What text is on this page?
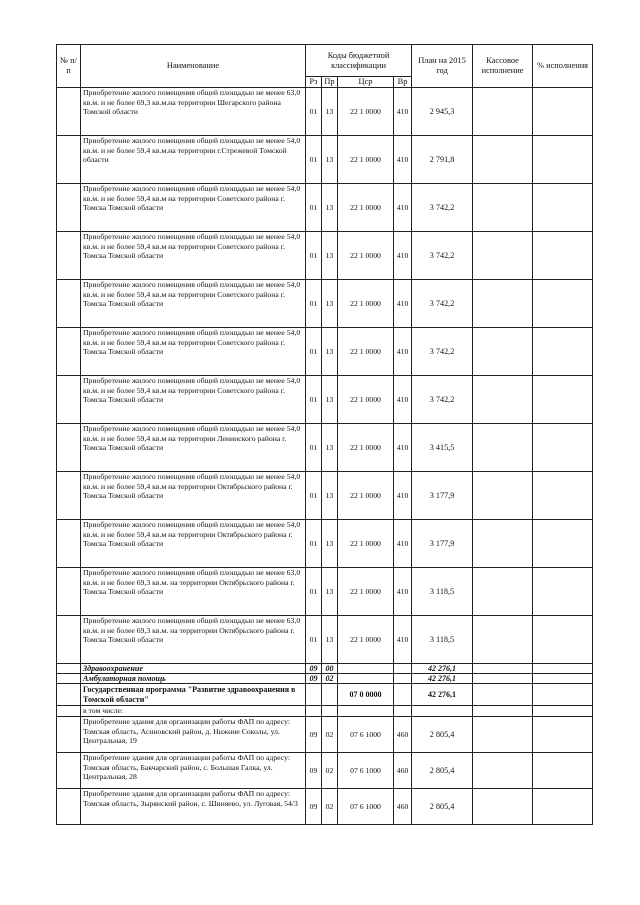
№ п/п	Наименование	Коды бюджетной классификации				План на 2015 год	Кассовое исполнение	% исполнения
		Рз	Пр	Цср	Вр			
	Приобретение жилого помещения общей площадью не менее 63,0 кв.м. и не более 69,3 кв.м.на территории Шегарского района Томской области	01	13	22 1 0000	410	2 945,3		
	Приобретение жилого помещения общей площадью не менее 54,0 кв.м. и не более 59,4 кв.м.на территории г.Стрежевой Томской области	01	13	22 1 0000	410	2 791,8		
	Приобретение жилого помещения общей площадью не менее 54,0 кв.м. и не более 59,4 кв.м на территории Советского района г. Томска Томской области	01	13	22 1 0000	410	3 742,2		
	Приобретение жилого помещения общей площадью не менее 54,0 кв.м. и не более 59,4 кв.м на территории Советского района г. Томска Томской области	01	13	22 1 0000	410	3 742,2		
	Приобретение жилого помещения общей площадью не менее 54,0 кв.м. и не более 59,4 кв.м на территории Советского района г. Томска Томской области	01	13	22 1 0000	410	3 742,2		
	Приобретение жилого помещения общей площадью не менее 54,0 кв.м. и не более 59,4 кв.м на территории Советского района г. Томска Томской области	01	13	22 1 0000	410	3 742,2		
	Приобретение жилого помещения общей площадью не менее 54,0 кв.м. и не более 59,4 кв.м на территории Советского района г. Томска Томской области	01	13	22 1 0000	410	3 742,2		
	Приобретение жилого помещения общей площадью не менее 54,0 кв.м. и не более 59,4 кв.м на территории Ленинского района г. Томска Томской области	01	13	22 1 0000	410	3 415,5		
	Приобретение жилого помещения общей площадью не менее 54,0 кв.м. и не более 59,4 кв.м на территории Октябрьского района г. Томска Томской области	01	13	22 1 0000	410	3 177,9		
	Приобретение жилого помещения общей площадью не менее 54,0 кв.м. и не более 59,4 кв.м на территории Октябрьского района г. Томска Томской области	01	13	22 1 0000	410	3 177,9		
	Приобретение жилого помещения общей площадью не менее 63,0 кв.м. и не более 69,3 кв.м. на территории Октябрьского района г. Томска Томской области	01	13	22 1 0000	410	3 118,5		
	Приобретение жилого помещения общей площадью не менее 63,0 кв.м. и не более 69,3 кв.м. на территории Октябрьского района г. Томска Томской области	01	13	22 1 0000	410	3 118,5		
	Здравоохранение	09	00			42 276,1		
	Амбулаторная помощь	09	02			42 276,1		
	Государственная программа "Развитие здравоохранения в Томской области"			07 0 0000		42 276,1		
	в том числе:							
	Приобретение здания для организации работы ФАП по адресу: Томская область, Асиновский район, д. Нижние Соколы, ул. Центральная, 19	09	02	07 6 1000	460	2 805,4		
	Приобретение здания для организации работы ФАП по адресу: Томская область, Бакчарский район, с. Большая Галка, ул. Центральная, 28	09	02	07 6 1000	460	2 805,4		
	Приобретение здания для организации работы ФАП по адресу: Томская область, Зырянский район, с. Шиняево, ул. Луговая, 54/3	09	02	07 6 1000	460	2 805,4		
